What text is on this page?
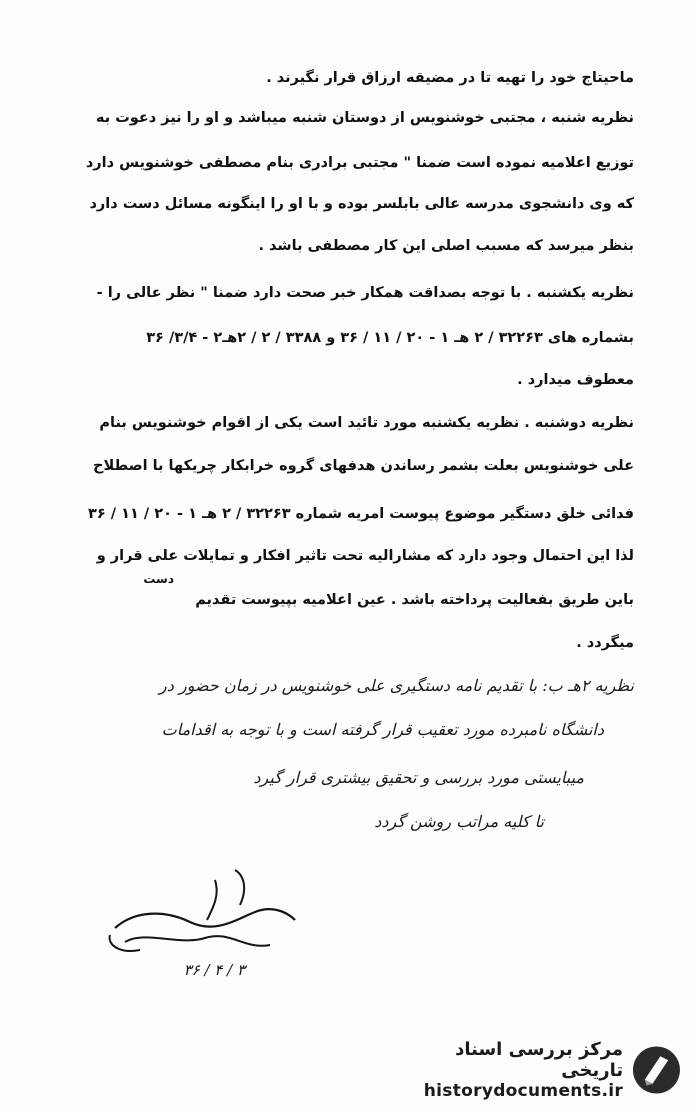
ماحیتاج خود را تهیه تا در مضیقه ارزاق قرار نگیرند .
نظریه شنبه ، مجتبی خوشنویس از دوستان شنبه میباشد و او را نیز دعوت به
توزیع اعلامیه نموده است ضمنا " مجتبی برادری بنام مصطفی خوشنویس دارد
که وی دانشجوی مدرسه عالی بابلسر بوده و با او را اینگونه مسائل دست دارد
بنظر میرسد که مسبب اصلی این کار مصطفی باشد .
نظریه یکشنبه . با توجه بصداقت همکار خبر صحت دارد ضمنا " نظر عالی را -
بشماره های ۳۲۲۶۳ / ۲ هـ ۱ - ۲۰ / ۱۱ / ۳۶ و ۳۳۸۸ / ۲ / ۲هـ۲ - ۳/۴/ ۳۶
معطوف میدارد .
نظریه دوشنبه . نظریه یکشنبه مورد تائید است یکی از اقوام خوشنویس بنام
علی خوشنویس بعلت بشمر رساندن هدفهای گروه خرابکار چریکها با اصطلاح
فدائی خلق دستگیر موضوع پیوست امریه شماره ۳۲۲۶۳ / ۲ هـ ۱ - ۲۰ / ۱۱ / ۳۶
لذا این احتمال وجود دارد که مشارالیه تحت تاثیر افکار و تمایلات علی قرار و
دست
باین طریق بفعالیت پرداخته باشد . عین اعلامیه بپیوست تقدیم
میگردد .
نظریه ۲هـ ب: با تقدیم نامه دستگیری علی خوشنویس در زمان حضور در
دانشگاه نامبرده مورد تعقیب قرار گرفته است و با توجه به اقدامات
میبایستی مورد بررسی و تحقیق بیشتری قرار گیرد
تا کلیه مراتب روشن گردد
۳ / ۴ / ۳۶
مرکز بررسی اسناد تاریخی
historydocuments.ir
